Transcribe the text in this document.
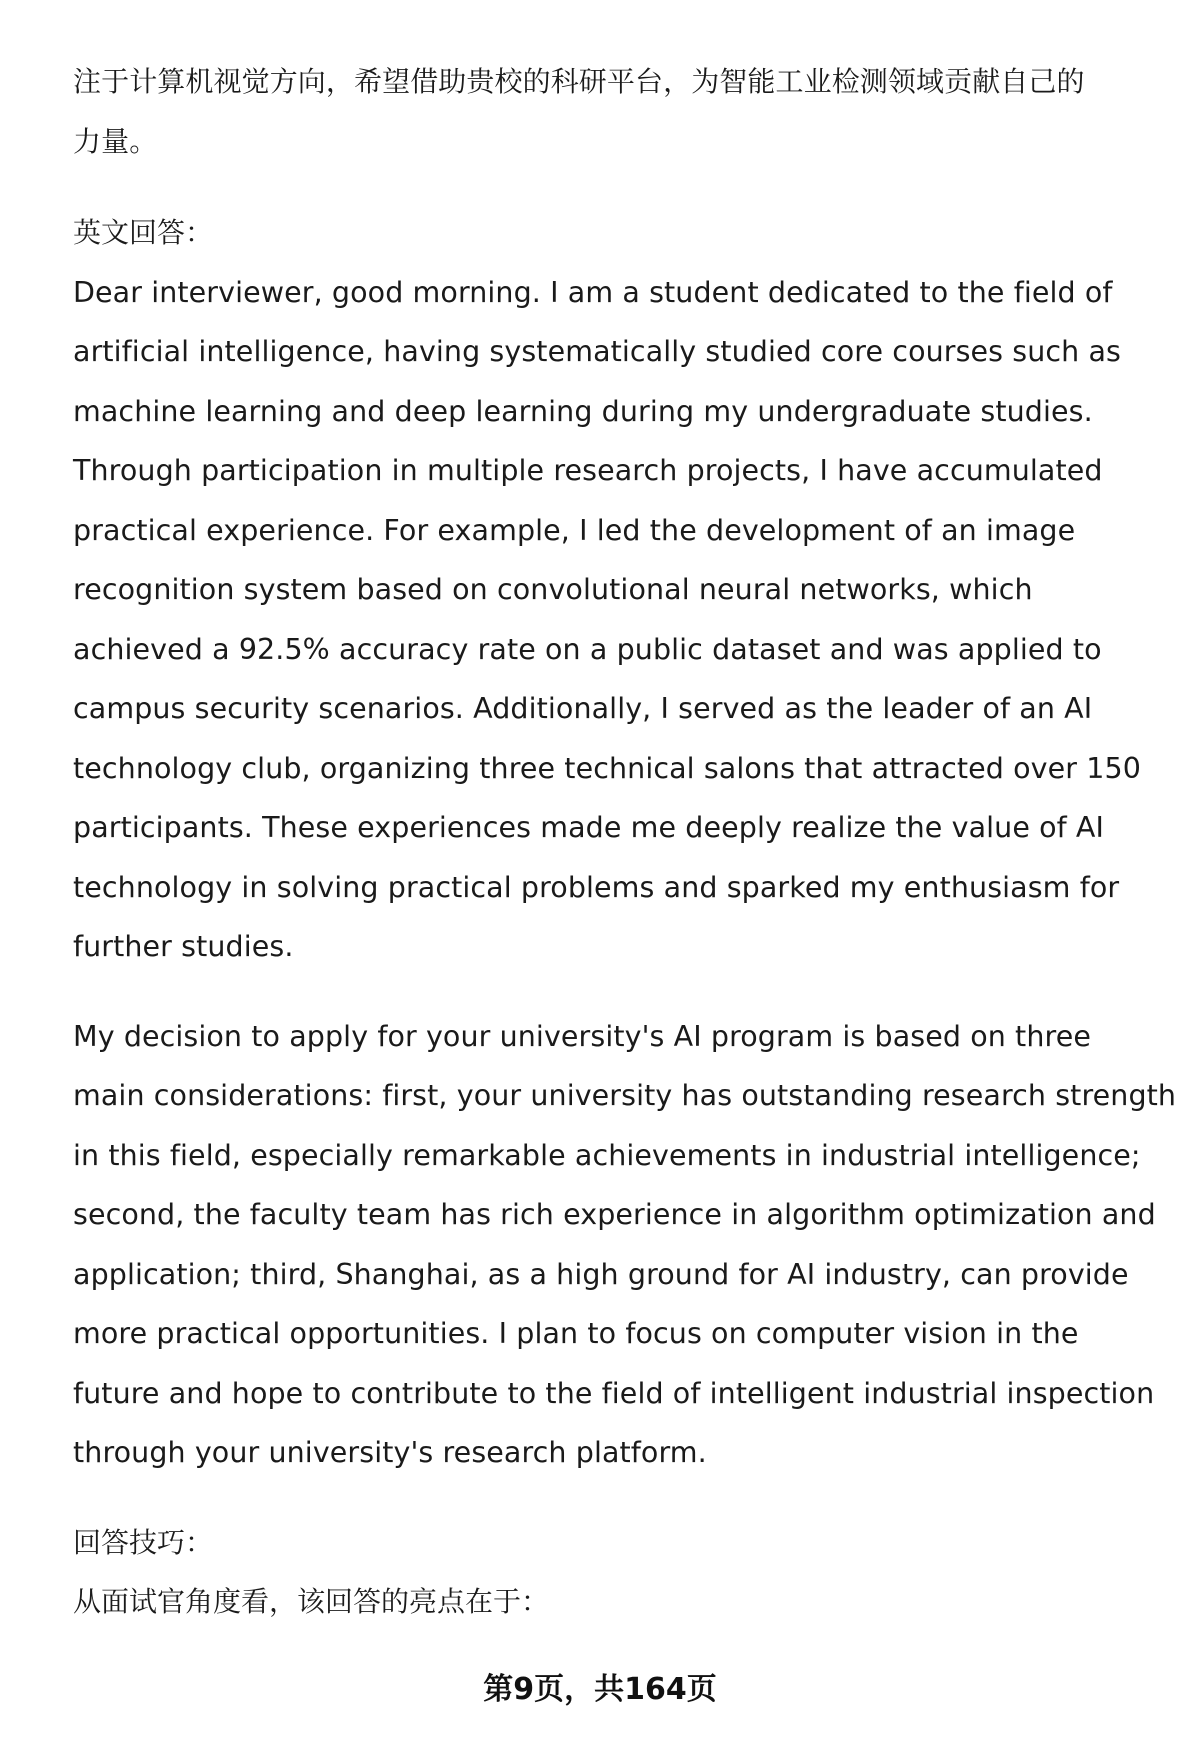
注于计算机视觉方向，希望借助贵校的科研平台，为智能工业检测领域贡献自己的
力量。

英文回答：

Dear interviewer, good morning. I am a student dedicated to the field of
artificial intelligence, having systematically studied core courses such as
machine learning and deep learning during my undergraduate studies.
Through participation in multiple research projects, I have accumulated
practical experience. For example, I led the development of an image
recognition system based on convolutional neural networks, which
achieved a 92.5% accuracy rate on a public dataset and was applied to
campus security scenarios. Additionally, I served as the leader of an AI
technology club, organizing three technical salons that attracted over 150
participants. These experiences made me deeply realize the value of AI
technology in solving practical problems and sparked my enthusiasm for
further studies.

My decision to apply for your university's AI program is based on three
main considerations: first, your university has outstanding research strength
in this field, especially remarkable achievements in industrial intelligence;
second, the faculty team has rich experience in algorithm optimization and
application; third, Shanghai, as a high ground for AI industry, can provide
more practical opportunities. I plan to focus on computer vision in the
future and hope to contribute to the field of intelligent industrial inspection
through your university's research platform.

回答技巧：
从面试官角度看，该回答的亮点在于：
第9页，共164页
